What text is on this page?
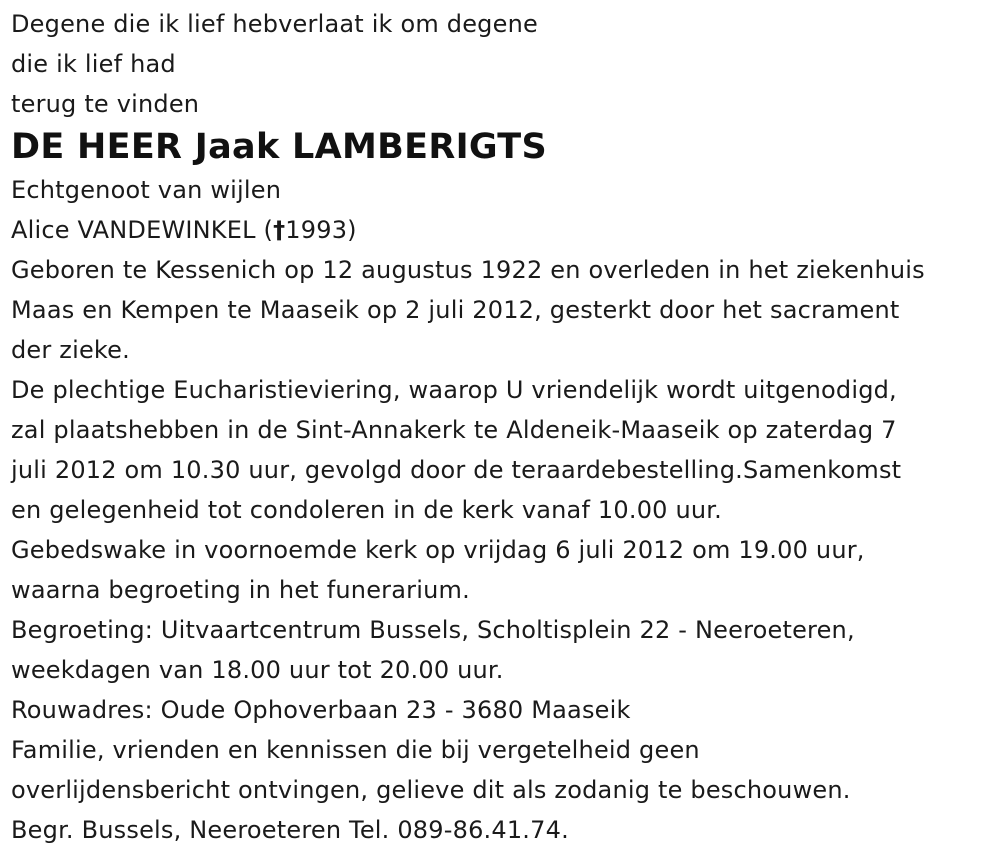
Degene die ik lief hebverlaat ik om degene
die ik lief had
terug te vinden
DE HEER Jaak LAMBERIGTS
Echtgenoot van wijlen
Alice VANDEWINKEL (†1993)
Geboren te Kessenich op 12 augustus 1922 en overleden in het ziekenhuis
Maas en Kempen te Maaseik op 2 juli 2012, gesterkt door het sacrament
der zieke.
De plechtige Eucharistieviering, waarop U vriendelijk wordt uitgenodigd,
zal plaatshebben in de Sint-Annakerk te Aldeneik-Maaseik op zaterdag 7
juli 2012 om 10.30 uur, gevolgd door de teraardebestelling.Samenkomst
en gelegenheid tot condoleren in de kerk vanaf 10.00 uur.
Gebedswake in voornoemde kerk op vrijdag 6 juli 2012 om 19.00 uur,
waarna begroeting in het funerarium.
Begroeting: Uitvaartcentrum Bussels, Scholtisplein 22 - Neeroeteren,
weekdagen van 18.00 uur tot 20.00 uur.
Rouwadres: Oude Ophoverbaan 23 - 3680 Maaseik
Familie, vrienden en kennissen die bij vergetelheid geen
overlijdensbericht ontvingen, gelieve dit als zodanig te beschouwen.
Begr. Bussels, Neeroeteren Tel. 089-86.41.74.
